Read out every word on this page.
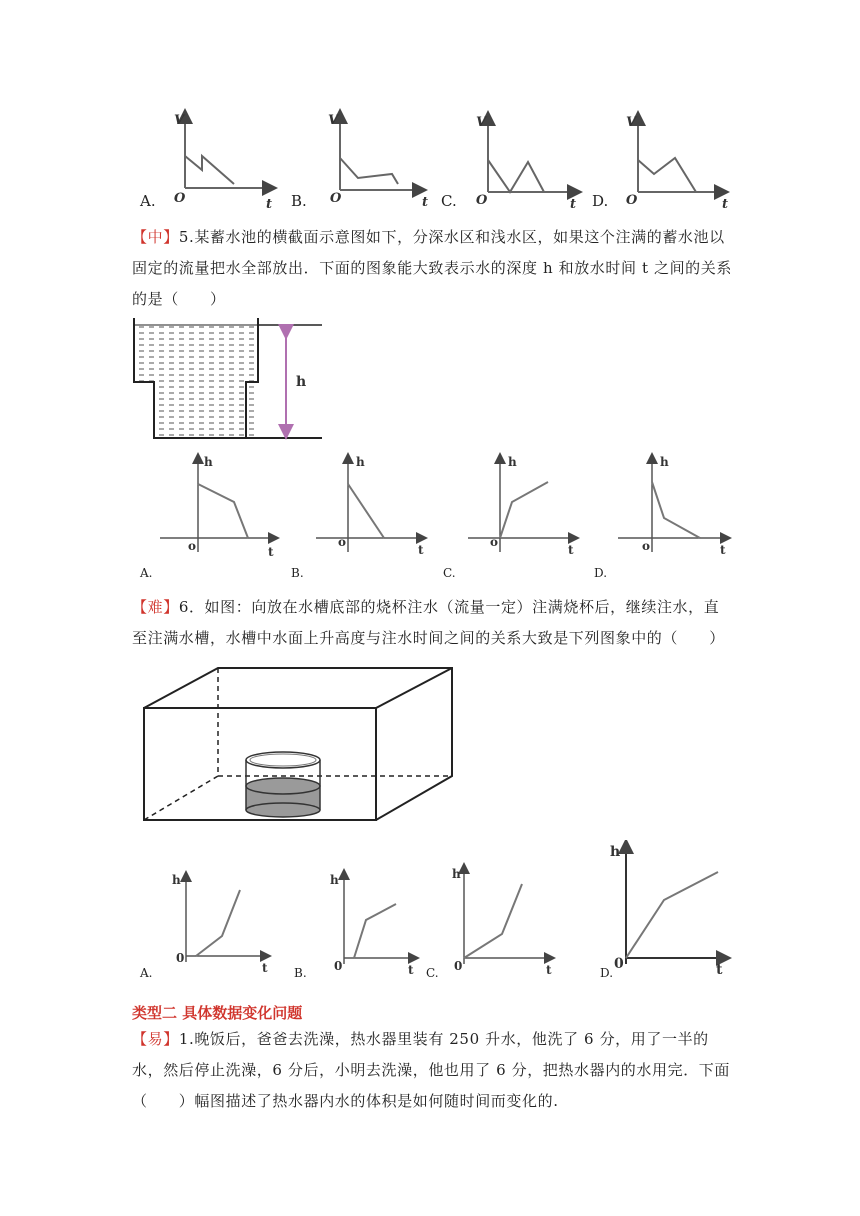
V
O	t
V
O	t
V
O	t
V
O	t
A.	B.	C.	D.
【中】5.某蓄水池的横截面示意图如下，分深水区和浅水区，如果这个注满的蓄水池以固定的流量把水全部放出．下面的图象能大致表示水的深度 h 和放水时间 t 之间的关系的是（　　）
h
h
o	t
h
o
t
h
o
t
h
o	t
A.	B.	C.	D.
【难】6．如图：向放在水槽底部的烧杯注水（流量一定）注满烧杯后，继续注水，直至注满水槽，水槽中水面上升高度与注水时间之间的关系大致是下列图象中的（　　）
h
0
t
h
0	t
h
0	t
h
0	t
A.	B.	C.	D.
类型二 具体数据变化问题
【易】1.晚饭后，爸爸去洗澡，热水器里装有 250 升水，他洗了 6 分，用了一半的水，然后停止洗澡，6 分后，小明去洗澡，他也用了 6 分，把热水器内的水用完．下面（　　）幅图描述了热水器内水的体积是如何随时间而变化的.
